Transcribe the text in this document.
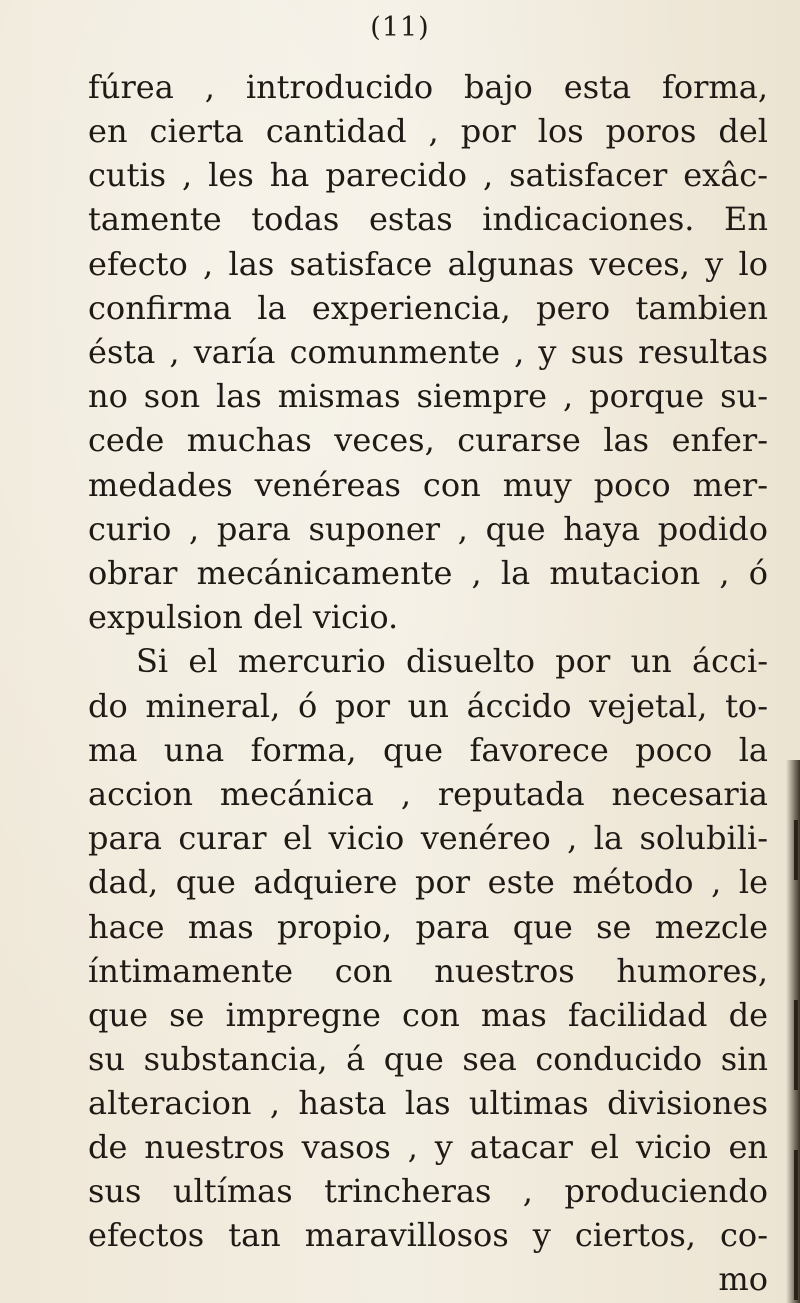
(11)
fúrea , introducido bajo esta forma,
en cierta cantidad , por los poros del
cutis , les ha parecido , satisfacer exâc-
tamente todas estas indicaciones. En
efecto , las satisface algunas veces, y lo
confirma la experiencia, pero tambien
ésta , varía comunmente , y sus resultas
no son las mismas siempre , porque su-
cede muchas veces, curarse las enfer-
medades venéreas con muy poco mer-
curio , para suponer , que haya podido
obrar mecánicamente , la mutacion , ó
expulsion del vicio.
Si el mercurio disuelto por un ácci-
do mineral, ó por un áccido vejetal, to-
ma una forma, que favorece poco la
accion mecánica , reputada necesaria
para curar el vicio venéreo , la solubili-
dad, que adquiere por este método , le
hace mas propio, para que se mezcle
íntimamente con nuestros humores,
que se impregne con mas facilidad de
su substancia, á que sea conducido sin
alteracion , hasta las ultimas divisiones
de nuestros vasos , y atacar el vicio en
sus ultímas trincheras , produciendo
efectos tan maravillosos y ciertos, co-
mo
